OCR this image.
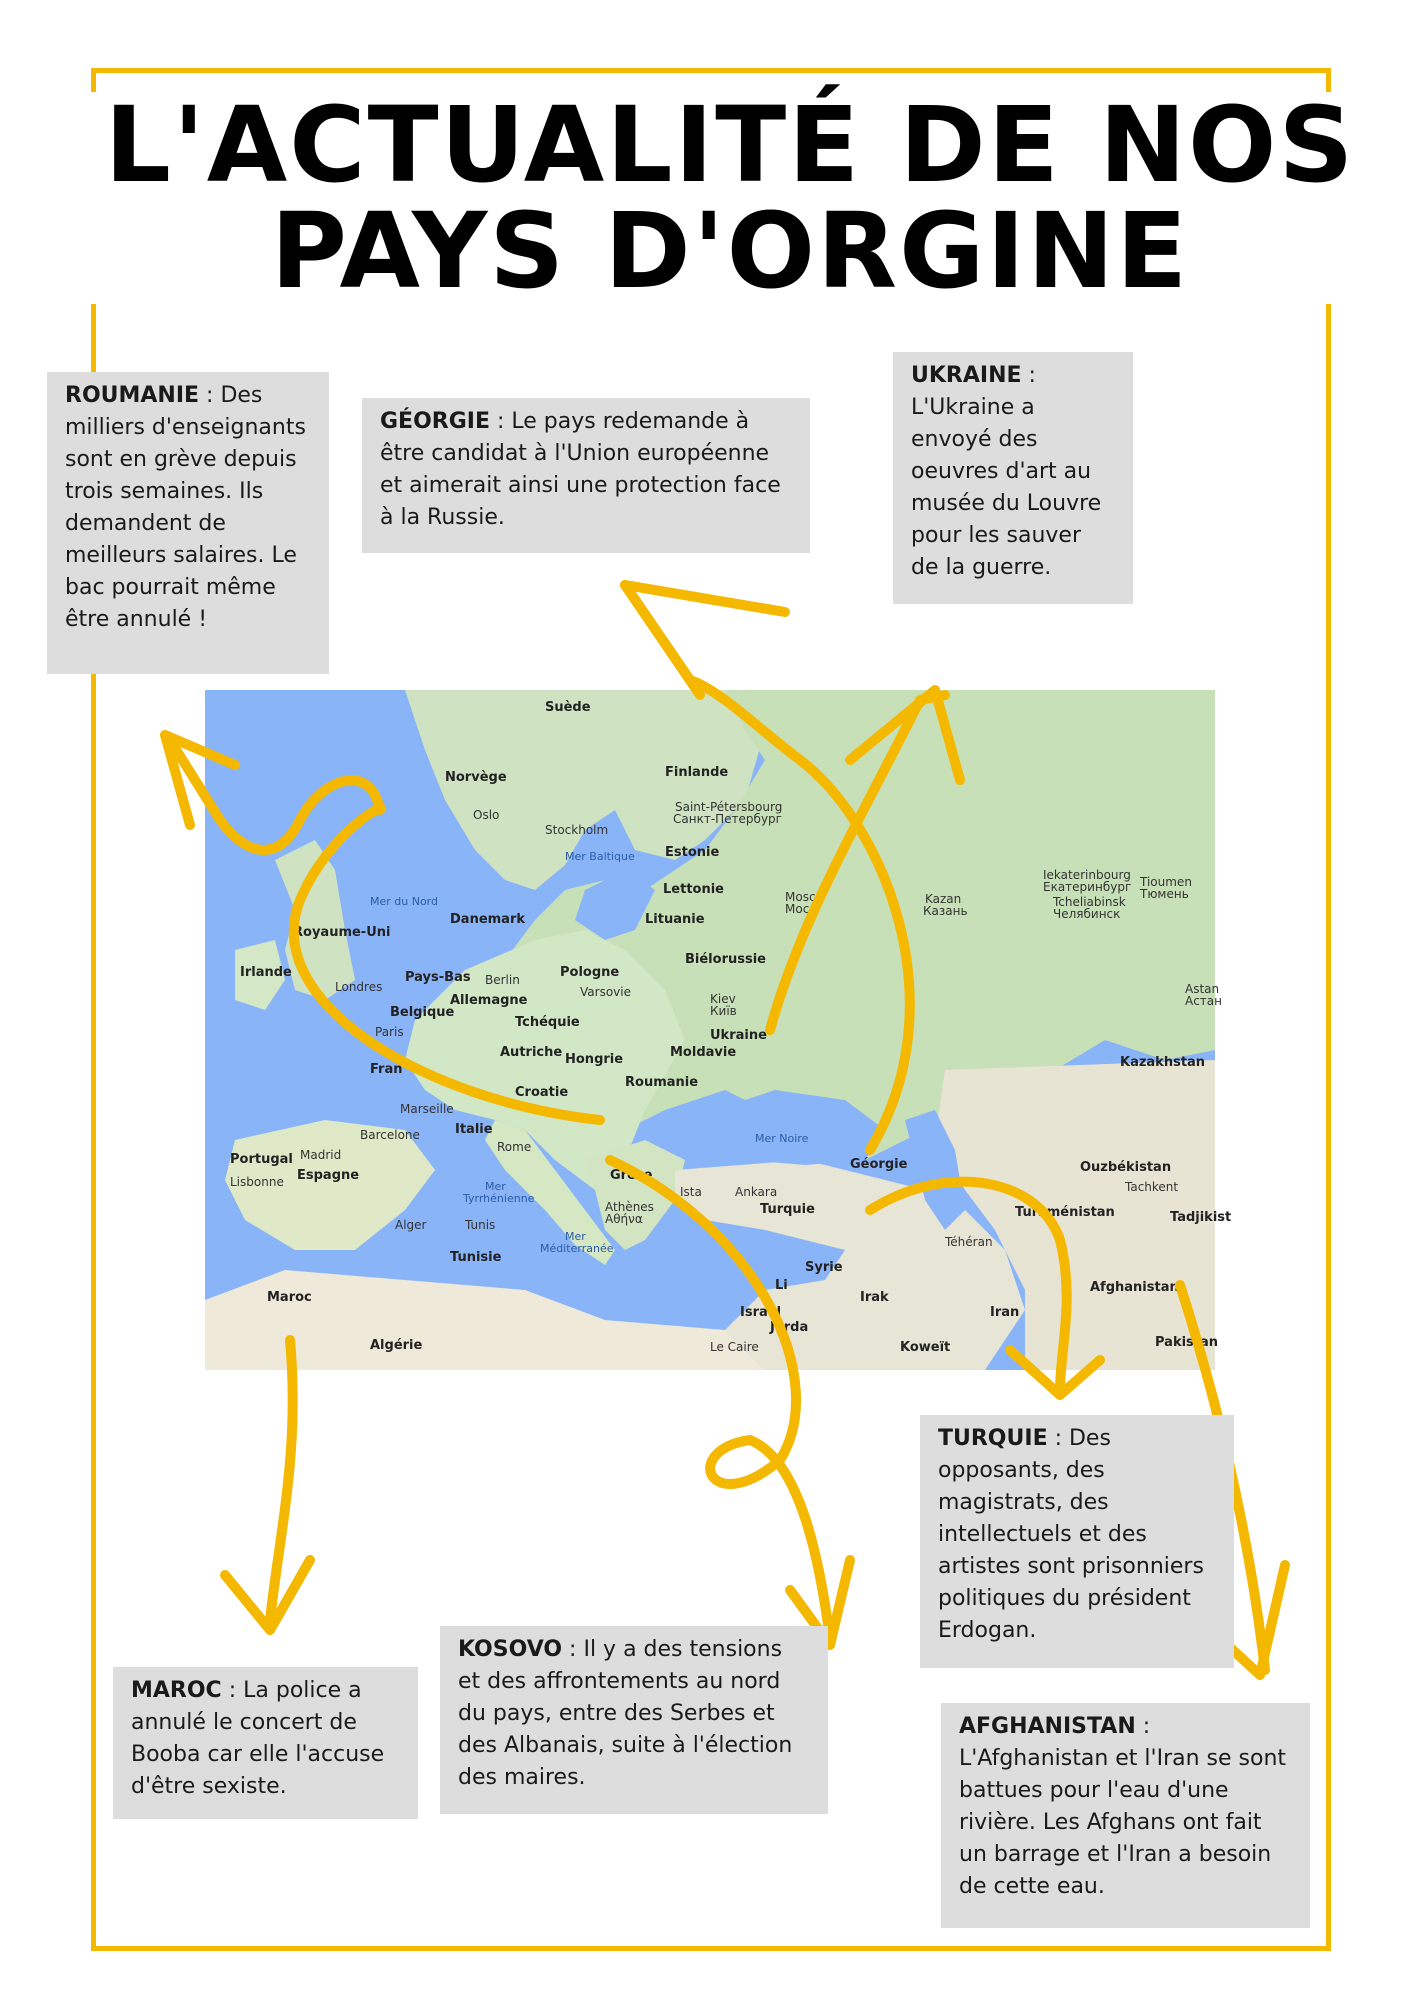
L'ACTUALITÉ DE NOS
PAYS D'ORGINE
Suède
Norvège	Finlande
Oslo
Stockholm
Saint-Pétersbourg
Санкт-Петербург
Mer Baltique Estonie
Lettonie
Lituanie
Mer du Nord
Danemark
Royaume-Uni
Irlande
Londres
Pays-Bas Berlin
Allemagne
Pologne
Varsovie
Biélorussie
Belgique
Paris
Tchéquie
Kiev
Київ
Ukraine
Autriche Hongrie	Moldavie
Fran
Roumanie
Croatie
Marseille
Italie
Rome
Mer
Tyrrhénienne
Barcelone
Madrid
Espagne
Portugal
Lisbonne	Grèce
Athènes
Αθήνα
Mer
Méditerranée
Alger	Tunis
Tunisie
Maroc
Algérie
Mer Noire
Ista	Ankara
Turquie
Géorgie
Syrie
Li
Israël
Jorda
Le Caire
Irak
Iran
Téhéran
Koweït
Mosc
Мос
Kazan
Казань
Iekaterinbourg
Екатеринбург
Tcheliabinsk
Челябинск
Tioumen
Тюмень
Kazakhstan
Ouzbékistan
Tachkent
Turkménistan	Tadjikist
Afghanistan
Pakistan
Astan
Астан
ROUMANIE : Des milliers d'enseignants sont en grève depuis trois semaines. Ils demandent de meilleurs salaires. Le bac pourrait même être annulé !
GÉORGIE : Le pays redemande à être candidat à l'Union européenne et aimerait ainsi une protection face à la Russie.
UKRAINE : L'Ukraine a envoyé des oeuvres d'art au musée du Louvre pour les sauver de la guerre.
TURQUIE : Des opposants, des magistrats, des intellectuels et des artistes sont prisonniers politiques du président Erdogan.
MAROC : La police a annulé le concert de Booba car elle l'accuse d'être sexiste.
KOSOVO : Il y a des tensions et des affrontements au nord du pays, entre des Serbes et des Albanais, suite à l'élection des maires.
AFGHANISTAN : L'Afghanistan et l'Iran se sont battues pour l'eau d'une rivière. Les Afghans ont fait un barrage et l'Iran a besoin de cette eau.
